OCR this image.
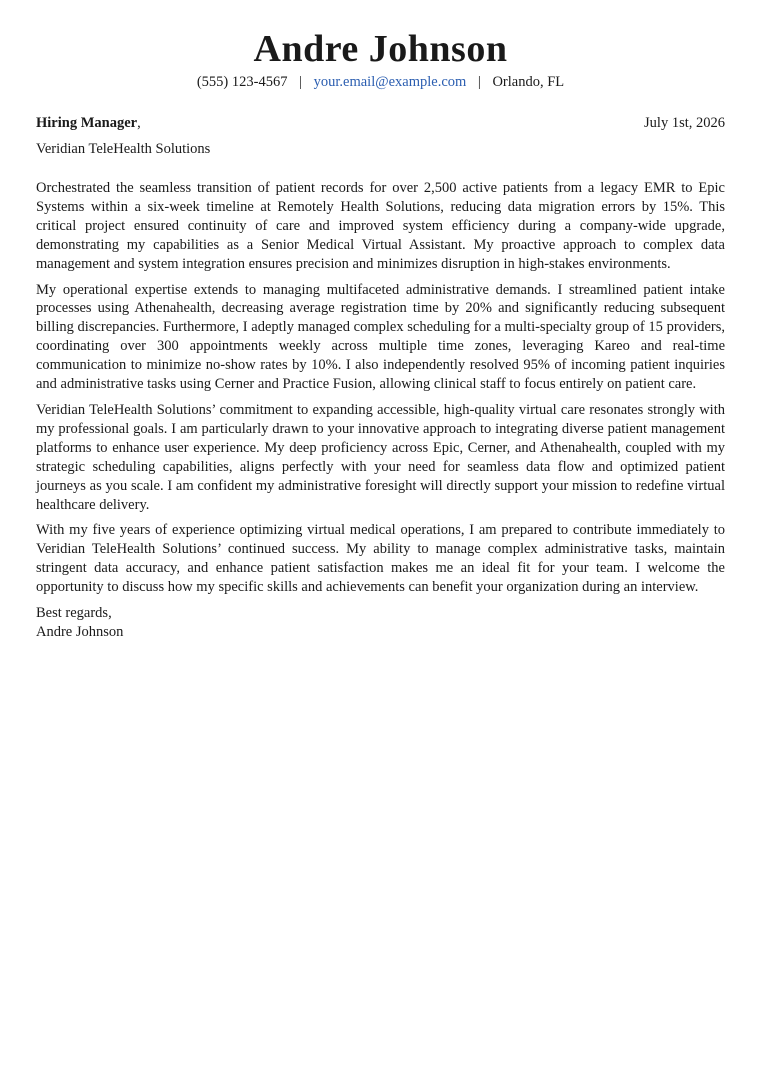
Andre Johnson
(555) 123-4567 | your.email@example.com | Orlando, FL
Hiring Manager,	July 1st, 2026
Veridian TeleHealth Solutions

Orchestrated the seamless transition of patient records for over 2,500 active patients from a legacy EMR to Epic Systems within a six-week timeline at Remotely Health Solutions, reducing data migration errors by 15%. This critical project ensured continuity of care and improved system efficiency during a company-wide upgrade, demonstrating my capabilities as a Senior Medical Virtual Assistant. My proactive approach to complex data management and system integration ensures precision and minimizes disruption in high-stakes environments.

My operational expertise extends to managing multifaceted administrative demands. I streamlined patient intake processes using Athenahealth, decreasing average registration time by 20% and significantly reducing subsequent billing discrepancies. Furthermore, I adeptly managed complex scheduling for a multi-specialty group of 15 providers, coordinating over 300 appointments weekly across multiple time zones, leveraging Kareo and real-time communication to minimize no-show rates by 10%. I also independently resolved 95% of incoming patient inquiries and administrative tasks using Cerner and Practice Fusion, allowing clinical staff to focus entirely on patient care.

Veridian TeleHealth Solutions’ commitment to expanding accessible, high-quality virtual care resonates strongly with my professional goals. I am particularly drawn to your innovative approach to integrating diverse patient management platforms to enhance user experience. My deep proficiency across Epic, Cerner, and Athenahealth, coupled with my strategic scheduling capabilities, aligns perfectly with your need for seamless data flow and optimized patient journeys as you scale. I am confident my administrative foresight will directly support your mission to redefine virtual healthcare delivery.

With my five years of experience optimizing virtual medical operations, I am prepared to contribute immediately to Veridian TeleHealth Solutions’ continued success. My ability to manage complex administrative tasks, maintain stringent data accuracy, and enhance patient satisfaction makes me an ideal fit for your team. I welcome the opportunity to discuss how my specific skills and achievements can benefit your organization during an interview.

Best regards,
Andre Johnson
